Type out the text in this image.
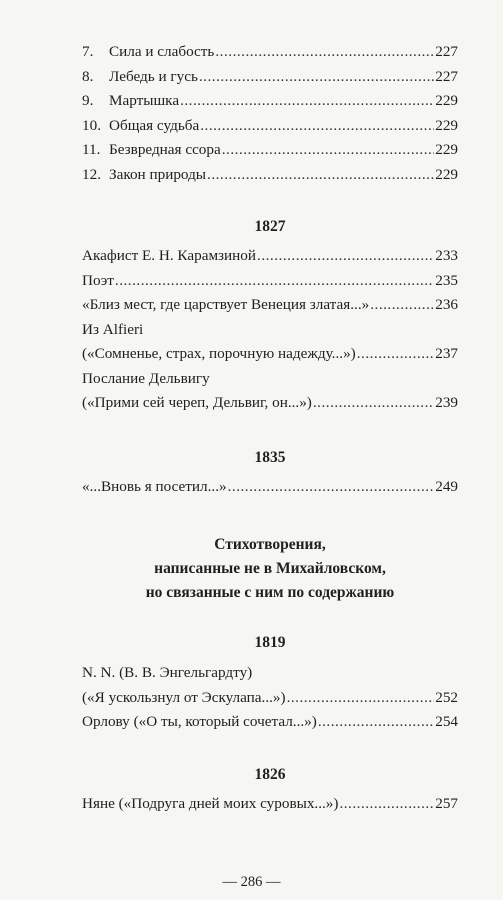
7.	Сила и слабость .....	227
8.	Лебедь и гусь .....	227
9.	Мартышка .....	229
10. Общая судьба .....	229
11. Безвредная ссора .....	229
12. Закон природы .....	229
1827
Акафист Е. Н. Карамзиной .....	233
Поэт .....	235
«Близ мест, где царствует Венеция златая...» .....	236
Из Alfieri
(«Сомненье, страх, порочную надежду...») .....	237
Послание Дельвигу
(«Прими сей череп, Дельвиг, он...») .....	239
1835
«...Вновь я посетил...» .....	249
Стихотворения,
написанные не в Михайловском,
но связанные с ним по содержанию
1819
N. N. (В. В. Энгельгардту)
(«Я ускользнул от Эскулапа...») .....	252
Орлову («О ты, который сочетал...») .....	254
1826
Няне («Подруга дней моих суровых...») .....	257
— 286 —
